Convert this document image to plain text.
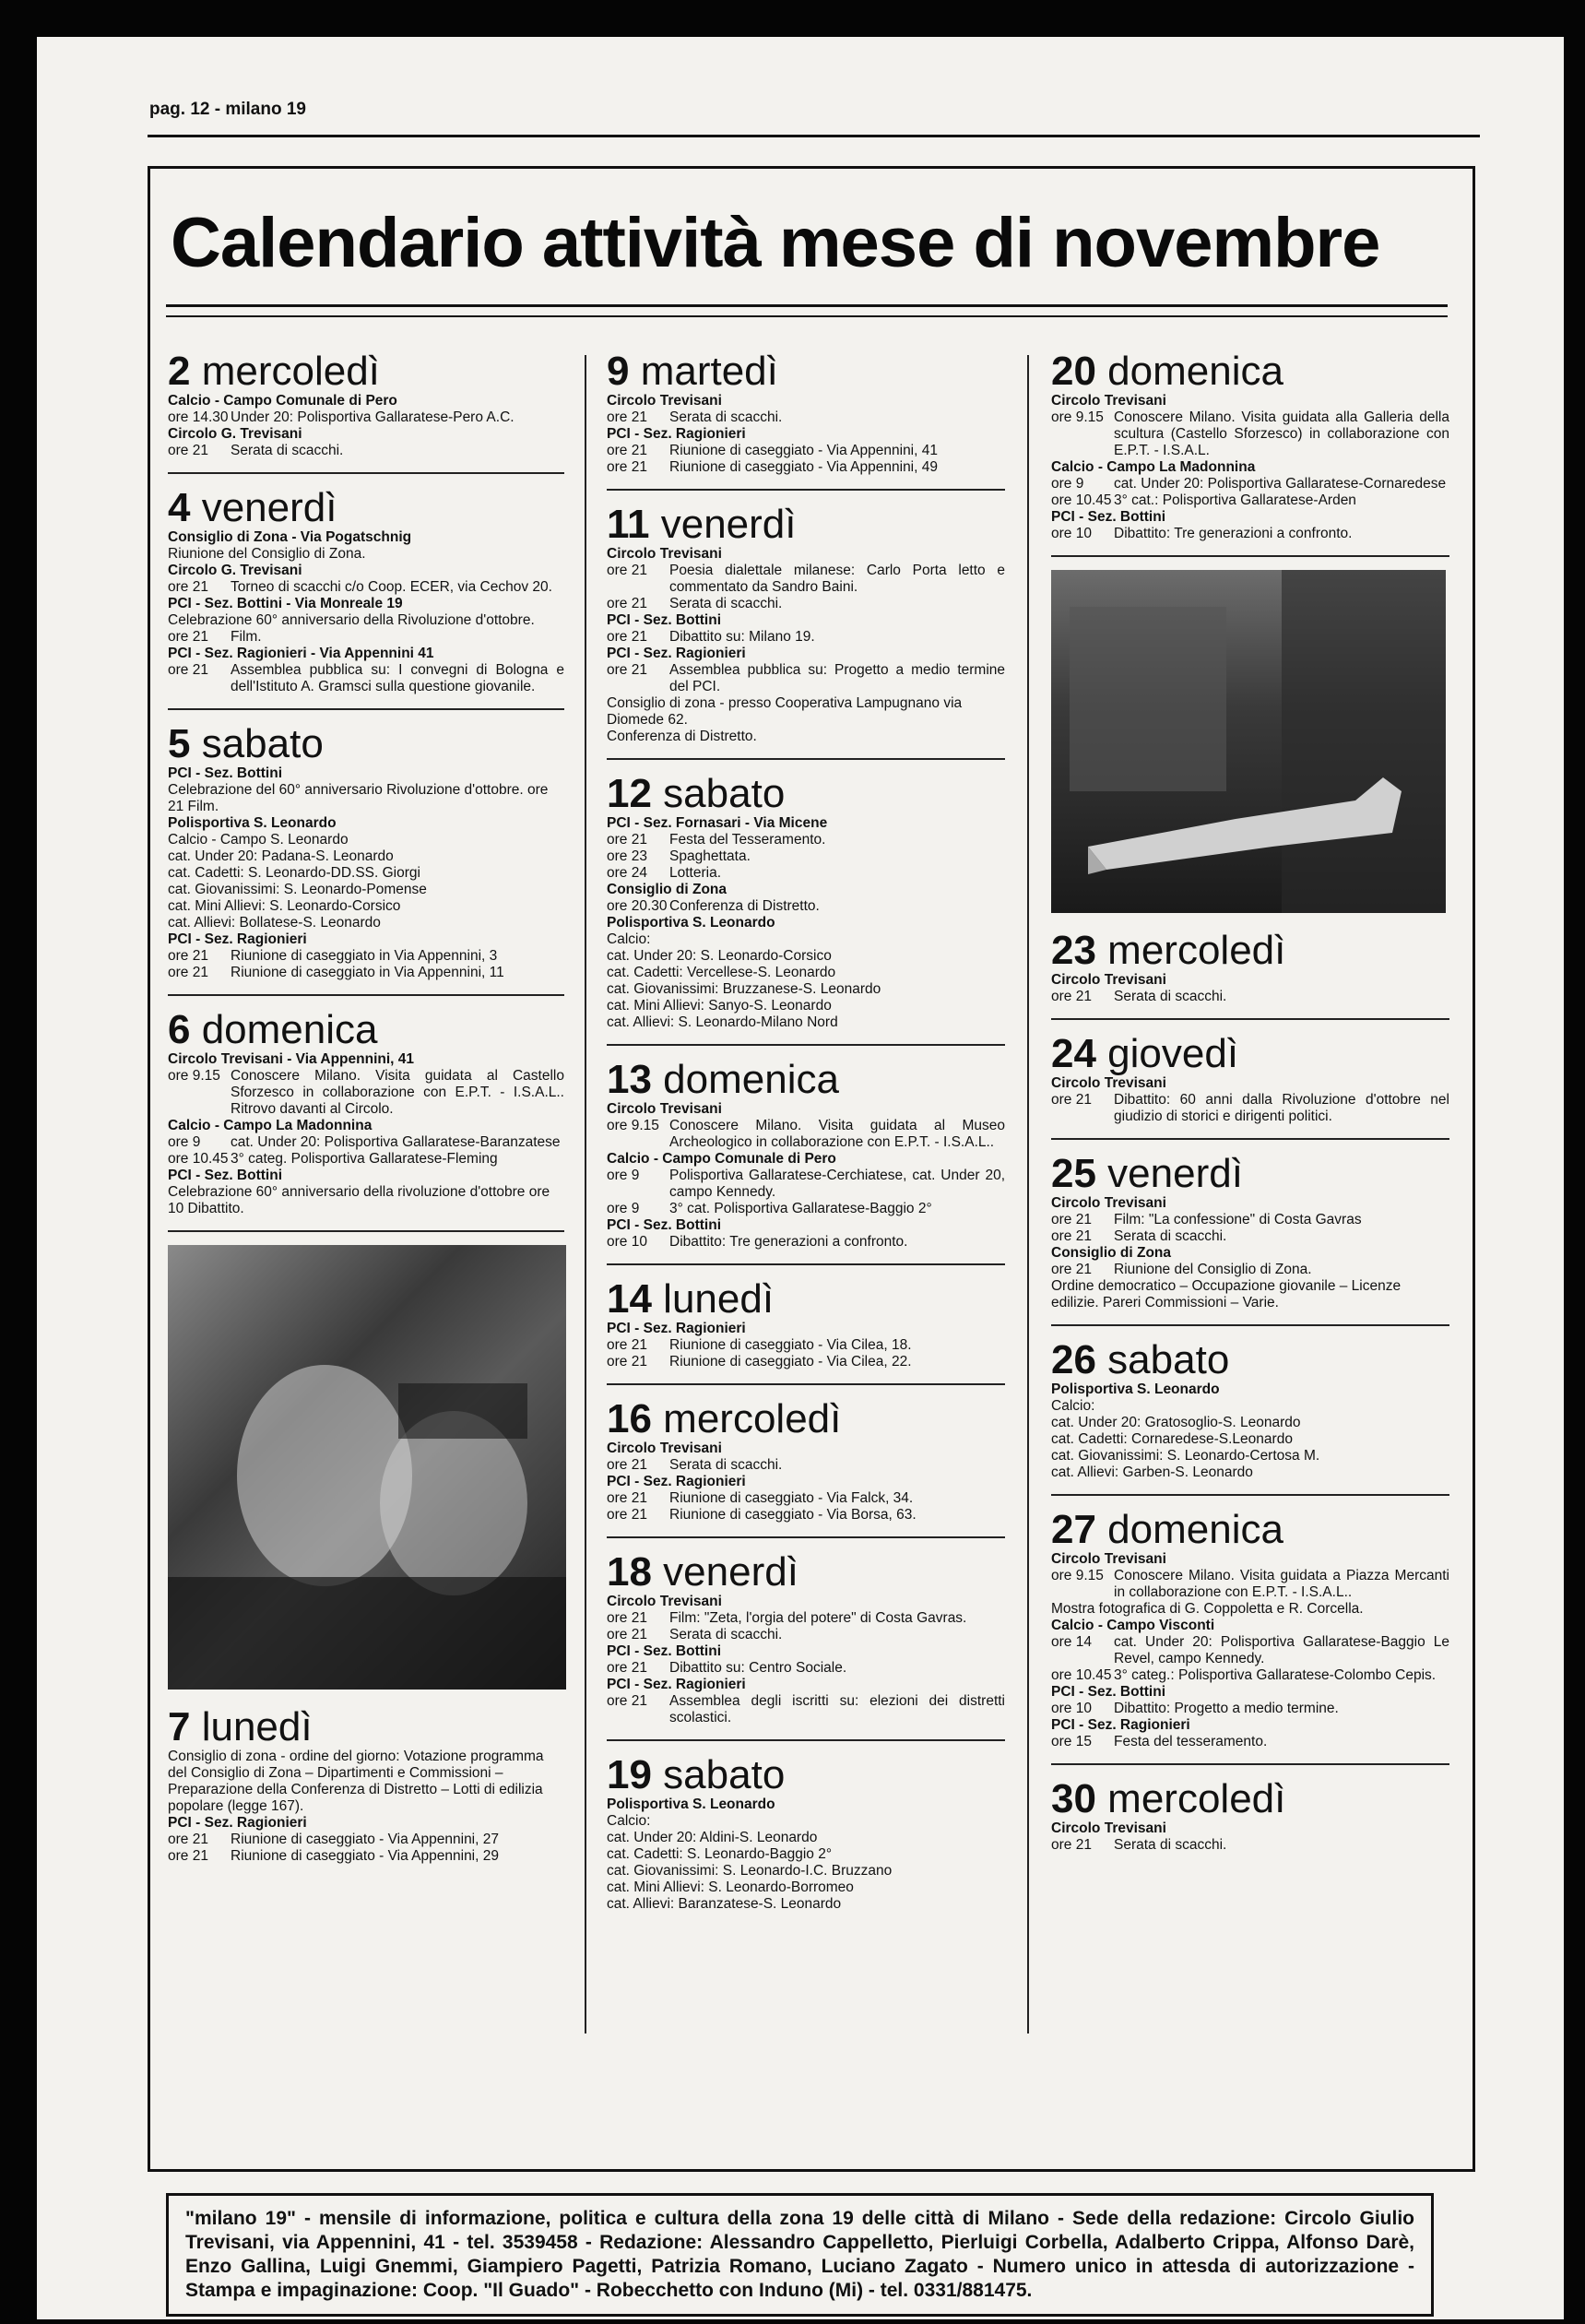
pag. 12 - milano 19
Calendario attività mese di novembre
2 mercoledì
Calcio - Campo Comunale di Pero
ore 14.30 Under 20: Polisportiva Gallaratese-Pero A.C.
Circolo G. Trevisani
ore 21	Serata di scacchi.
4 venerdì
Consiglio di Zona - Via Pogatschnig
Riunione del Consiglio di Zona.
Circolo G. Trevisani
ore 21	Torneo di scacchi c/o Coop. ECER, via Cechov 20.
PCI - Sez. Bottini - Via Monreale 19
Celebrazione 60° anniversario della Rivoluzione d'ottobre.
ore 21	Film.
PCI - Sez. Ragionieri - Via Appennini 41
ore 21	Assemblea pubblica su: I convegni di Bologna e dell'Istituto A. Gramsci sulla questione giovanile.
5 sabato
PCI - Sez. Bottini
Celebrazione del 60° anniversario Rivoluzione d'ottobre. ore 21 Film.
Polisportiva S. Leonardo
Calcio - Campo S. Leonardo
cat. Under 20: Padana-S. Leonardo
cat. Cadetti: S. Leonardo-DD.SS. Giorgi
cat. Giovanissimi: S. Leonardo-Pomense
cat. Mini Allievi: S. Leonardo-Corsico
cat. Allievi: Bollatese-S. Leonardo
PCI - Sez. Ragionieri
ore 21	Riunione di caseggiato in Via Appennini, 3
ore 21	Riunione di caseggiato in Via Appennini, 11
6 domenica
Circolo Trevisani - Via Appennini, 41
ore 9.15 Conoscere Milano. Visita guidata al Castello Sforzesco in collaborazione con E.P.T. - I.S.A.L.. Ritrovo davanti al Circolo.
Calcio - Campo La Madonnina
ore 9	cat. Under 20: Polisportiva Gallaratese-Baranzatese
ore 10.45 3° categ. Polisportiva Gallaratese-Fleming
PCI - Sez. Bottini
Celebrazione 60° anniversario della rivoluzione d'ottobre ore 10 Dibattito.
7 lunedì
Consiglio di zona - ordine del giorno: Votazione programma del Consiglio di Zona – Dipartimenti e Commissioni – Preparazione della Conferenza di Distretto – Lotti di edilizia popolare (legge 167).
PCI - Sez. Ragionieri
ore 21	Riunione di caseggiato - Via Appennini, 27
ore 21	Riunione di caseggiato - Via Appennini, 29
9 martedì
Circolo Trevisani
ore 21	Serata di scacchi.
PCI - Sez. Ragionieri
ore 21	Riunione di caseggiato - Via Appennini, 41
ore 21	Riunione di caseggiato - Via Appennini, 49
11 venerdì
Circolo Trevisani
ore 21	Poesia dialettale milanese: Carlo Porta letto e commentato da Sandro Baini.
ore 21	Serata di scacchi.
PCI - Sez. Bottini
ore 21	Dibattito su: Milano 19.
PCI - Sez. Ragionieri
ore 21	Assemblea pubblica su: Progetto a medio termine del PCI.
Consiglio di zona - presso Cooperativa Lampugnano via Diomede 62.
Conferenza di Distretto.
12 sabato
PCI - Sez. Fornasari - Via Micene
ore 21	Festa del Tesseramento.
ore 23	Spaghettata.
ore 24	Lotteria.
Consiglio di Zona
ore 20.30 Conferenza di Distretto.
Polisportiva S. Leonardo
Calcio:
cat. Under 20: S. Leonardo-Corsico
cat. Cadetti: Vercellese-S. Leonardo
cat. Giovanissimi: Bruzzanese-S. Leonardo
cat. Mini Allievi: Sanyo-S. Leonardo
cat. Allievi: S. Leonardo-Milano Nord
13 domenica
Circolo Trevisani
ore 9.15 Conoscere Milano. Visita guidata al Museo Archeologico in collaborazione con E.P.T. - I.S.A.L..
Calcio - Campo Comunale di Pero
ore 9	Polisportiva Gallaratese-Cerchiatese, cat. Under 20, campo Kennedy.
ore 9	3° cat. Polisportiva Gallaratese-Baggio 2°
PCI - Sez. Bottini
ore 10	Dibattito: Tre generazioni a confronto.
14 lunedì
PCI - Sez. Ragionieri
ore 21	Riunione di caseggiato - Via Cilea, 18.
ore 21	Riunione di caseggiato - Via Cilea, 22.
16 mercoledì
Circolo Trevisani
ore 21	Serata di scacchi.
PCI - Sez. Ragionieri
ore 21	Riunione di caseggiato - Via Falck, 34.
ore 21	Riunione di caseggiato - Via Borsa, 63.
18 venerdì
Circolo Trevisani
ore 21	Film: "Zeta, l'orgia del potere" di Costa Gavras.
ore 21	Serata di scacchi.
PCI - Sez. Bottini
ore 21	Dibattito su: Centro Sociale.
PCI - Sez. Ragionieri
ore 21	Assemblea degli iscritti su: elezioni dei distretti scolastici.
19 sabato
Polisportiva S. Leonardo
Calcio:
cat. Under 20: Aldini-S. Leonardo
cat. Cadetti: S. Leonardo-Baggio 2°
cat. Giovanissimi: S. Leonardo-I.C. Bruzzano
cat. Mini Allievi: S. Leonardo-Borromeo
cat. Allievi: Baranzatese-S. Leonardo
20 domenica
Circolo Trevisani
ore 9.15 Conoscere Milano. Visita guidata alla Galleria della scultura (Castello Sforzesco) in collaborazione con E.P.T. - I.S.A.L.
Calcio - Campo La Madonnina
ore 9	cat. Under 20: Polisportiva Gallaratese-Cornaredese
ore 10.45 3° cat.: Polisportiva Gallaratese-Arden
PCI - Sez. Bottini
ore 10	Dibattito: Tre generazioni a confronto.
23 mercoledì
Circolo Trevisani
ore 21	Serata di scacchi.
24 giovedì
Circolo Trevisani
ore 21	Dibattito: 60 anni dalla Rivoluzione d'ottobre nel giudizio di storici e dirigenti politici.
25 venerdì
Circolo Trevisani
ore 21	Film: "La confessione" di Costa Gavras
ore 21	Serata di scacchi.
Consiglio di Zona
ore 21	Riunione del Consiglio di Zona.
Ordine democratico – Occupazione giovanile – Licenze edilizie. Pareri Commissioni – Varie.
26 sabato
Polisportiva S. Leonardo
Calcio:
cat. Under 20: Gratosoglio-S. Leonardo
cat. Cadetti: Cornaredese-S.Leonardo
cat. Giovanissimi: S. Leonardo-Certosa M.
cat. Allievi: Garben-S. Leonardo
27 domenica
Circolo Trevisani
ore 9.15 Conoscere Milano. Visita guidata a Piazza Mercanti in collaborazione con E.P.T. - I.S.A.L..
Mostra fotografica di G. Coppoletta e R. Corcella.
Calcio - Campo Visconti
ore 14	cat. Under 20: Polisportiva Gallaratese-Baggio Le Revel, campo Kennedy.
ore 10.45 3° categ.: Polisportiva Gallaratese-Colombo Cepis.
PCI - Sez. Bottini
ore 10	Dibattito: Progetto a medio termine.
PCI - Sez. Ragionieri
ore 15	Festa del tesseramento.
30 mercoledì
Circolo Trevisani
ore 21	Serata di scacchi.
"milano 19" - mensile di informazione, politica e cultura della zona 19 delle città di Milano - Sede della redazione: Circolo Giulio Trevisani, via Appennini, 41 - tel. 3539458 - Redazione: Alessandro Cappelletto, Pierluigi Corbella, Adalberto Crippa, Alfonso Darè, Enzo Gallina, Luigi Gnemmi, Giampiero Pagetti, Patrizia Romano, Luciano Zagato - Numero unico in attesda di autorizzazione - Stampa e impaginazione: Coop. "Il Guado" - Robecchetto con Induno (Mi) - tel. 0331/881475.
